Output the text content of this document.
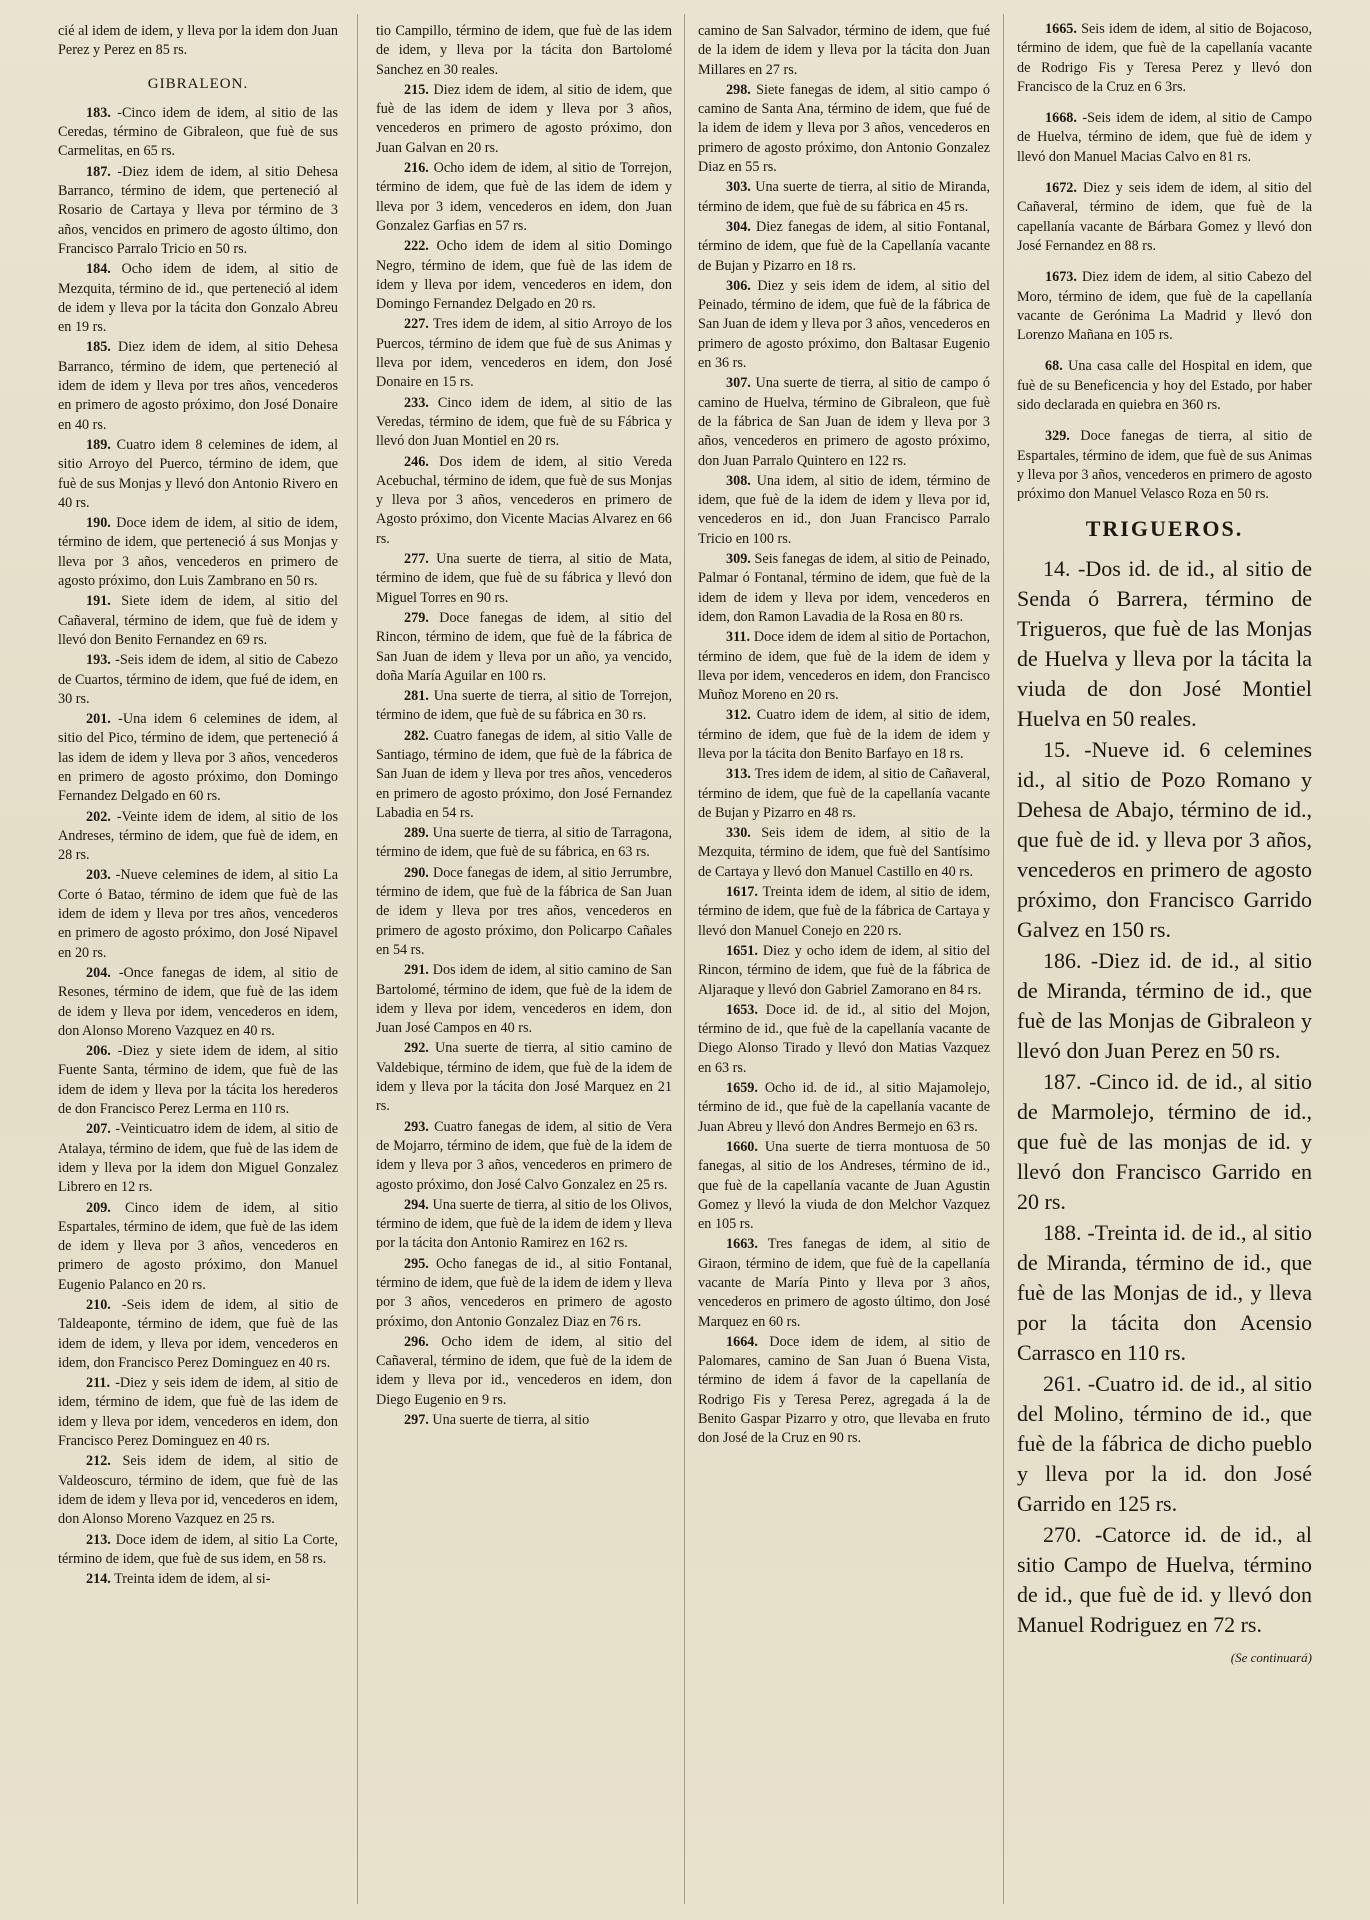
cié al idem de idem, y lleva por la idem don Juan Perez y Perez en 85 rs.

GIBRALEON.

183. -Cinco idem de idem, al sitio de las Ceredas, término de Gibraleon, que fuè de sus Carmelitas, en 65 rs.

187. -Diez idem de idem, al sitio Dehesa Barranco, término de idem, que perteneció al Rosario de Cartaya y lleva por término de 3 años, vencidos en primero de agosto último, don Francisco Parralo Tricio en 50 rs.

184. Ocho idem de idem, al sitio de Mezquita, término de id., que perteneció al idem de idem y lleva por la tácita don Gonzalo Abreu en 19 rs.

185. Diez idem de idem, al sitio Dehesa Barranco, término de idem, que perteneció al idem de idem y lleva por tres años, vencederos en primero de agosto próximo, don José Donaire en 40 rs.

189. Cuatro idem 8 celemines de idem, al sitio Arroyo del Puerco, término de idem, que fuè de sus Monjas y llevó don Antonio Rivero en 40 rs.

190. Doce idem de idem, al sitio de idem, término de idem, que perteneció á sus Monjas y lleva por 3 años, vencederos en primero de agosto próximo, don Luis Zambrano en 50 rs.

191. Siete idem de idem, al sitio del Cañaveral, término de idem, que fuè de idem y llevó don Benito Fernandez en 69 rs.

193. -Seis idem de idem, al sitio de Cabezo de Cuartos, término de idem, que fué de idem, en 30 rs.

201. -Una idem 6 celemines de idem, al sitio del Pico, término de idem, que perteneció á las idem de idem y lleva por 3 años, vencederos en primero de agosto próximo, don Domingo Fernandez Delgado en 60 rs.

202. -Veinte idem de idem, al sitio de los Andreses, término de idem, que fuè de idem, en 28 rs.

203. -Nueve celemines de idem, al sitio La Corte ó Batao, término de idem que fuè de las idem de idem y lleva por tres años, vencederos en primero de agosto próximo, don José Nipavel en 20 rs.

204. -Once fanegas de idem, al sitio de Resones, término de idem, que fuè de las idem de idem y lleva por idem, vencederos en idem, don Alonso Moreno Vazquez en 40 rs.

206. -Diez y siete idem de idem, al sitio Fuente Santa, término de idem, que fuè de las idem de idem y lleva por la tácita los herederos de don Francisco Perez Lerma en 110 rs.

207. -Veinticuatro idem de idem, al sitio de Atalaya, término de idem, que fuè de las idem de idem y lleva por la idem don Miguel Gonzalez Librero en 12 rs.

209. Cinco idem de idem, al sitio Espartales, término de idem, que fuè de las idem de idem y lleva por 3 años, vencederos en primero de agosto próximo, don Manuel Eugenio Palanco en 20 rs.

210. -Seis idem de idem, al sitio de Taldeaponte, término de idem, que fuè de las idem de idem, y lleva por idem, vencederos en idem, don Francisco Perez Dominguez en 40 rs.

211. -Diez y seis idem de idem, al sitio de idem, término de idem, que fuè de las idem de idem y lleva por idem, vencederos en idem, don Francisco Perez Dominguez en 40 rs.

212. Seis idem de idem, al sitio de Valdeoscuro, término de idem, que fuè de las idem de idem y lleva por id, vencederos en idem, don Alonso Moreno Vazquez en 25 rs.

213. Doce idem de idem, al sitio La Corte, término de idem, que fuè de sus idem, en 58 rs.

214. Treinta idem de idem, al si-

tio Campillo, término de idem, que fuè de las idem de idem, y lleva por la tácita don Bartolomé Sanchez en 30 reales.

215. Diez idem de idem, al sitio de idem, que fuè de las idem de idem y lleva por 3 años, vencederos en primero de agosto próximo, don Juan Galvan en 20 rs.

216. Ocho idem de idem, al sitio de Torrejon, término de idem, que fuè de las idem de idem y lleva por 3 idem, vencederos en idem, don Juan Gonzalez Garfias en 57 rs.

222. Ocho idem de idem al sitio Domingo Negro, término de idem, que fuè de las idem de idem y lleva por idem, vencederos en idem, don Domingo Fernandez Delgado en 20 rs.

227. Tres idem de idem, al sitio Arroyo de los Puercos, término de idem que fuè de sus Animas y lleva por idem, vencederos en idem, don José Donaire en 15 rs.

233. Cinco idem de idem, al sitio de las Veredas, término de idem, que fuè de su Fábrica y llevó don Juan Montiel en 20 rs.

246. Dos idem de idem, al sitio Vereda Acebuchal, término de idem, que fuè de sus Monjas y lleva por 3 años, vencederos en primero de Agosto próximo, don Vicente Macias Alvarez en 66 rs.

277. Una suerte de tierra, al sitio de Mata, término de idem, que fuè de su fábrica y llevó don Miguel Torres en 90 rs.

279. Doce fanegas de idem, al sitio del Rincon, término de idem, que fuè de la fábrica de San Juan de idem y lleva por un año, ya vencido, doña María Aguilar en 100 rs.

281. Una suerte de tierra, al sitio de Torrejon, término de idem, que fuè de su fábrica en 30 rs.

282. Cuatro fanegas de idem, al sitio Valle de Santiago, término de idem, que fuè de la fábrica de San Juan de idem y lleva por tres años, vencederos en primero de agosto próximo, don José Fernandez Labadia en 54 rs.

289. Una suerte de tierra, al sitio de Tarragona, término de idem, que fuè de su fábrica, en 63 rs.

290. Doce fanegas de idem, al sitio Jerrumbre, término de idem, que fuè de la fábrica de San Juan de idem y lleva por tres años, vencederos en primero de agosto próximo, don Policarpo Cañales en 54 rs.

291. Dos idem de idem, al sitio camino de San Bartolomé, término de idem, que fuè de la idem de idem y lleva por idem, vencederos en idem, don Juan José Campos en 40 rs.

292. Una suerte de tierra, al sitio camino de Valdebique, término de idem, que fuè de la idem de idem y lleva por la tácita don José Marquez en 21 rs.

293. Cuatro fanegas de idem, al sitio de Vera de Mojarro, término de idem, que fuè de la idem de idem y lleva por 3 años, vencederos en primero de agosto próximo, don José Calvo Gonzalez en 25 rs.

294. Una suerte de tierra, al sitio de los Olivos, término de idem, que fuè de la idem de idem y lleva por la tácita don Antonio Ramirez en 162 rs.

295. Ocho fanegas de id., al sitio Fontanal, término de idem, que fuè de la idem de idem y lleva por 3 años, vencederos en primero de agosto próximo, don Antonio Gonzalez Diaz en 76 rs.

296. Ocho idem de idem, al sitio del Cañaveral, término de idem, que fuè de la idem de idem y lleva por id., vencederos en idem, don Diego Eugenio en 9 rs.

297. Una suerte de tierra, al sitio

camino de San Salvador, término de idem, que fué de la idem de idem y lleva por la tácita don Juan Millares en 27 rs.

298. Siete fanegas de idem, al sitio campo ó camino de Santa Ana, término de idem, que fué de la idem de idem y lleva por 3 años, vencederos en primero de agosto próximo, don Antonio Gonzalez Diaz en 55 rs.

303. Una suerte de tierra, al sitio de Miranda, término de idem, que fuè de su fábrica en 45 rs.

304. Diez fanegas de idem, al sitio Fontanal, término de idem, que fuè de la Capellanía vacante de Bujan y Pizarro en 18 rs.

306. Diez y seis idem de idem, al sitio del Peinado, término de idem, que fuè de la fábrica de San Juan de idem y lleva por 3 años, vencederos en primero de agosto próximo, don Baltasar Eugenio en 36 rs.

307. Una suerte de tierra, al sitio de campo ó camino de Huelva, término de Gibraleon, que fuè de la fábrica de San Juan de idem y lleva por 3 años, vencederos en primero de agosto próximo, don Juan Parralo Quintero en 122 rs.

308. Una idem, al sitio de idem, término de idem, que fuè de la idem de idem y lleva por id, vencederos en id., don Juan Francisco Parralo Tricio en 100 rs.

309. Seis fanegas de idem, al sitio de Peinado, Palmar ó Fontanal, término de idem, que fuè de la idem de idem y lleva por idem, vencederos en idem, don Ramon Lavadia de la Rosa en 80 rs.

311. Doce idem de idem al sitio de Portachon, término de idem, que fuè de la idem de idem y lleva por idem, vencederos en idem, don Francisco Muñoz Moreno en 20 rs.

312. Cuatro idem de idem, al sitio de idem, término de idem, que fuè de la idem de idem y lleva por la tácita don Benito Barfayo en 18 rs.

313. Tres idem de idem, al sitio de Cañaveral, término de idem, que fuè de la capellanía vacante de Bujan y Pizarro en 48 rs.

330. Seis idem de idem, al sitio de la Mezquita, término de idem, que fuè del Santísimo de Cartaya y llevó don Manuel Castillo en 40 rs.

1617. Treinta idem de idem, al sitio de idem, término de idem, que fuè de la fábrica de Cartaya y llevó don Manuel Conejo en 220 rs.

1651. Diez y ocho idem de idem, al sitio del Rincon, término de idem, que fuè de la fábrica de Aljaraque y llevó don Gabriel Zamorano en 84 rs.

1653. Doce id. de id., al sitio del Mojon, término de id., que fuè de la capellanía vacante de Diego Alonso Tirado y llevó don Matias Vazquez en 63 rs.

1659. Ocho id. de id., al sitio Majamolejo, término de id., que fuè de la capellanía vacante de Juan Abreu y llevó don Andres Bermejo en 63 rs.

1660. Una suerte de tierra montuosa de 50 fanegas, al sitio de los Andreses, término de id., que fuè de la capellanía vacante de Juan Agustin Gomez y llevó la viuda de don Melchor Vazquez en 105 rs.

1663. Tres fanegas de idem, al sitio de Giraon, término de idem, que fuè de la capellanía vacante de María Pinto y lleva por 3 años, vencederos en primero de agosto último, don José Marquez en 60 rs.

1664. Doce idem de idem, al sitio de Palomares, camino de San Juan ó Buena Vista, término de idem á favor de la capellanía de Rodrigo Fis y Teresa Perez, agregada á la de Benito Gaspar Pizarro y otro, que llevaba en fruto don José de la Cruz en 90 rs.

1665. Seis idem de idem, al sitio de Bojacoso, término de idem, que fuè de la capellanía vacante de Rodrigo Fis y Teresa Perez y llevó don Francisco de la Cruz en 6 3rs.

1668. -Seis idem de idem, al sitio de Campo de Huelva, término de idem, que fuè de idem y llevó don Manuel Macias Calvo en 81 rs.

1672. Diez y seis idem de idem, al sitio del Cañaveral, término de idem, que fuè de la capellanía vacante de Bárbara Gomez y llevó don José Fernandez en 88 rs.

1673. Diez idem de idem, al sitio Cabezo del Moro, término de idem, que fuè de la capellanía vacante de Gerónima La Madrid y llevó don Lorenzo Mañana en 105 rs.

68. Una casa calle del Hospital en idem, que fuè de su Beneficencia y hoy del Estado, por haber sido declarada en quiebra en 360 rs.

329. Doce fanegas de tierra, al sitio de Espartales, término de idem, que fuè de sus Animas y lleva por 3 años, vencederos en primero de agosto próximo don Manuel Velasco Roza en 50 rs.

TRIGUEROS.

14. -Dos id. de id., al sitio de Senda ó Barrera, término de Trigueros, que fuè de las Monjas de Huelva y lleva por la tácita la viuda de don José Montiel Huelva en 50 reales.

15. -Nueve id. 6 celemines id., al sitio de Pozo Romano y Dehesa de Abajo, término de id., que fuè de id. y lleva por 3 años, vencederos en primero de agosto próximo, don Francisco Garrido Galvez en 150 rs.

186. -Diez id. de id., al sitio de Miranda, término de id., que fuè de las Monjas de Gibraleon y llevó don Juan Perez en 50 rs.

187. -Cinco id. de id., al sitio de Marmolejo, término de id., que fuè de las monjas de id. y llevó don Francisco Garrido en 20 rs.

188. -Treinta id. de id., al sitio de Miranda, término de id., que fuè de las Monjas de id., y lleva por la tácita don Acensio Carrasco en 110 rs.

261. -Cuatro id. de id., al sitio del Molino, término de id., que fuè de la fábrica de dicho pueblo y lleva por la id. don José Garrido en 125 rs.

270. -Catorce id. de id., al sitio Campo de Huelva, término de id., que fuè de id. y llevó don Manuel Rodriguez en 72 rs.

(Se continuará)
